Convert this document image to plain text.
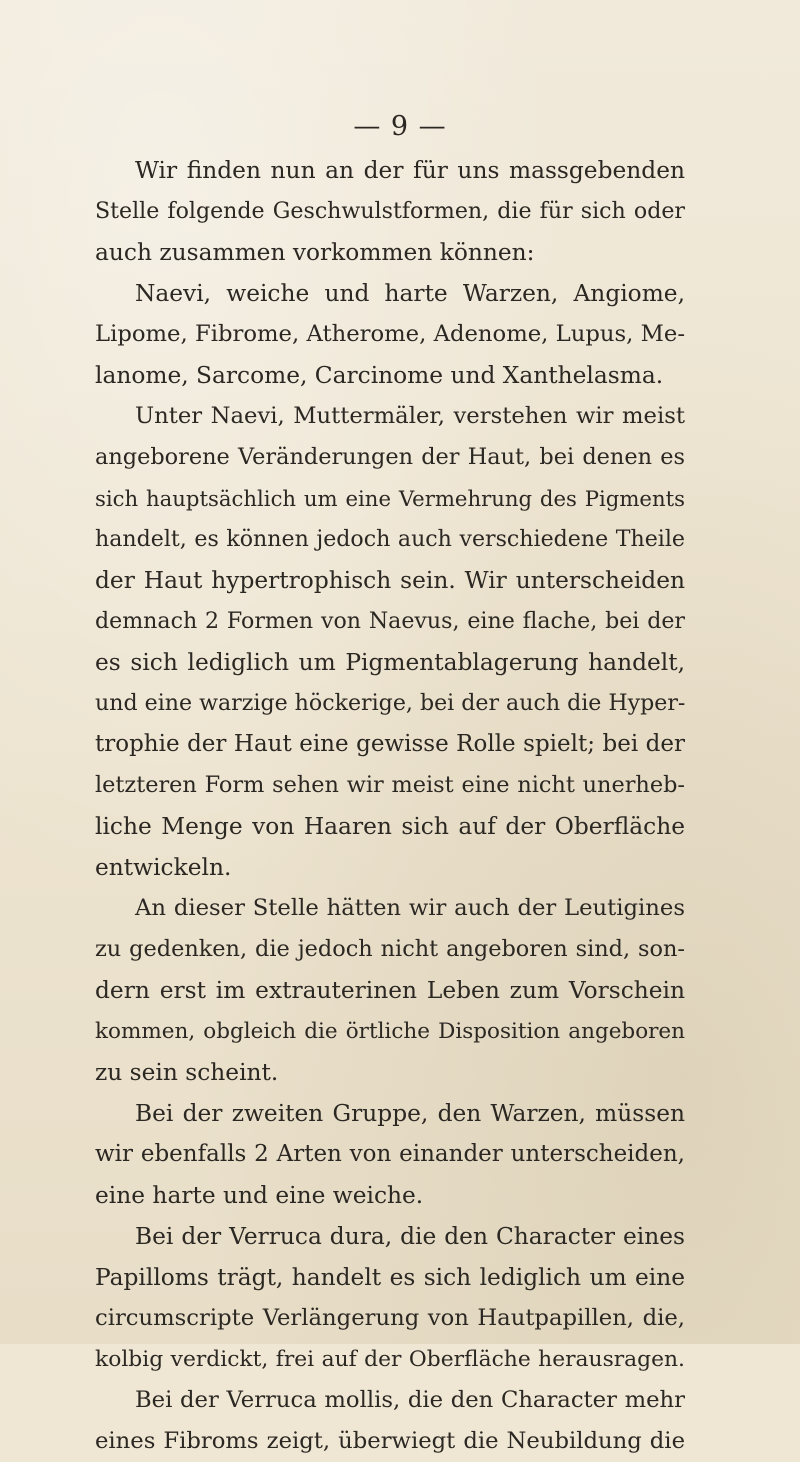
— 9 —
Wir finden nun an der für uns massgebenden
Stelle folgende Geschwulstformen, die für sich oder
auch zusammen vorkommen können:
Naevi, weiche und harte Warzen, Angiome,
Lipome, Fibrome, Atherome, Adenome, Lupus, Me-
lanome, Sarcome, Carcinome und Xanthelasma.
Unter Naevi, Muttermäler, verstehen wir meist
angeborene Veränderungen der Haut, bei denen es
sich hauptsächlich um eine Vermehrung des Pigments
handelt, es können jedoch auch verschiedene Theile
der Haut hypertrophisch sein. Wir unterscheiden
demnach 2 Formen von Naevus, eine flache, bei der
es sich lediglich um Pigmentablagerung handelt,
und eine warzige höckerige, bei der auch die Hyper-
trophie der Haut eine gewisse Rolle spielt; bei der
letzteren Form sehen wir meist eine nicht unerheb-
liche Menge von Haaren sich auf der Oberfläche
entwickeln.
An dieser Stelle hätten wir auch der Leutigines
zu gedenken, die jedoch nicht angeboren sind, son-
dern erst im extrauterinen Leben zum Vorschein
kommen, obgleich die örtliche Disposition angeboren
zu sein scheint.
Bei der zweiten Gruppe, den Warzen, müssen
wir ebenfalls 2 Arten von einander unterscheiden,
eine harte und eine weiche.
Bei der Verruca dura, die den Character eines
Papilloms trägt, handelt es sich lediglich um eine
circumscripte Verlängerung von Hautpapillen, die,
kolbig verdickt, frei auf der Oberfläche herausragen.
Bei der Verruca mollis, die den Character mehr
eines Fibroms zeigt, überwiegt die Neubildung die
